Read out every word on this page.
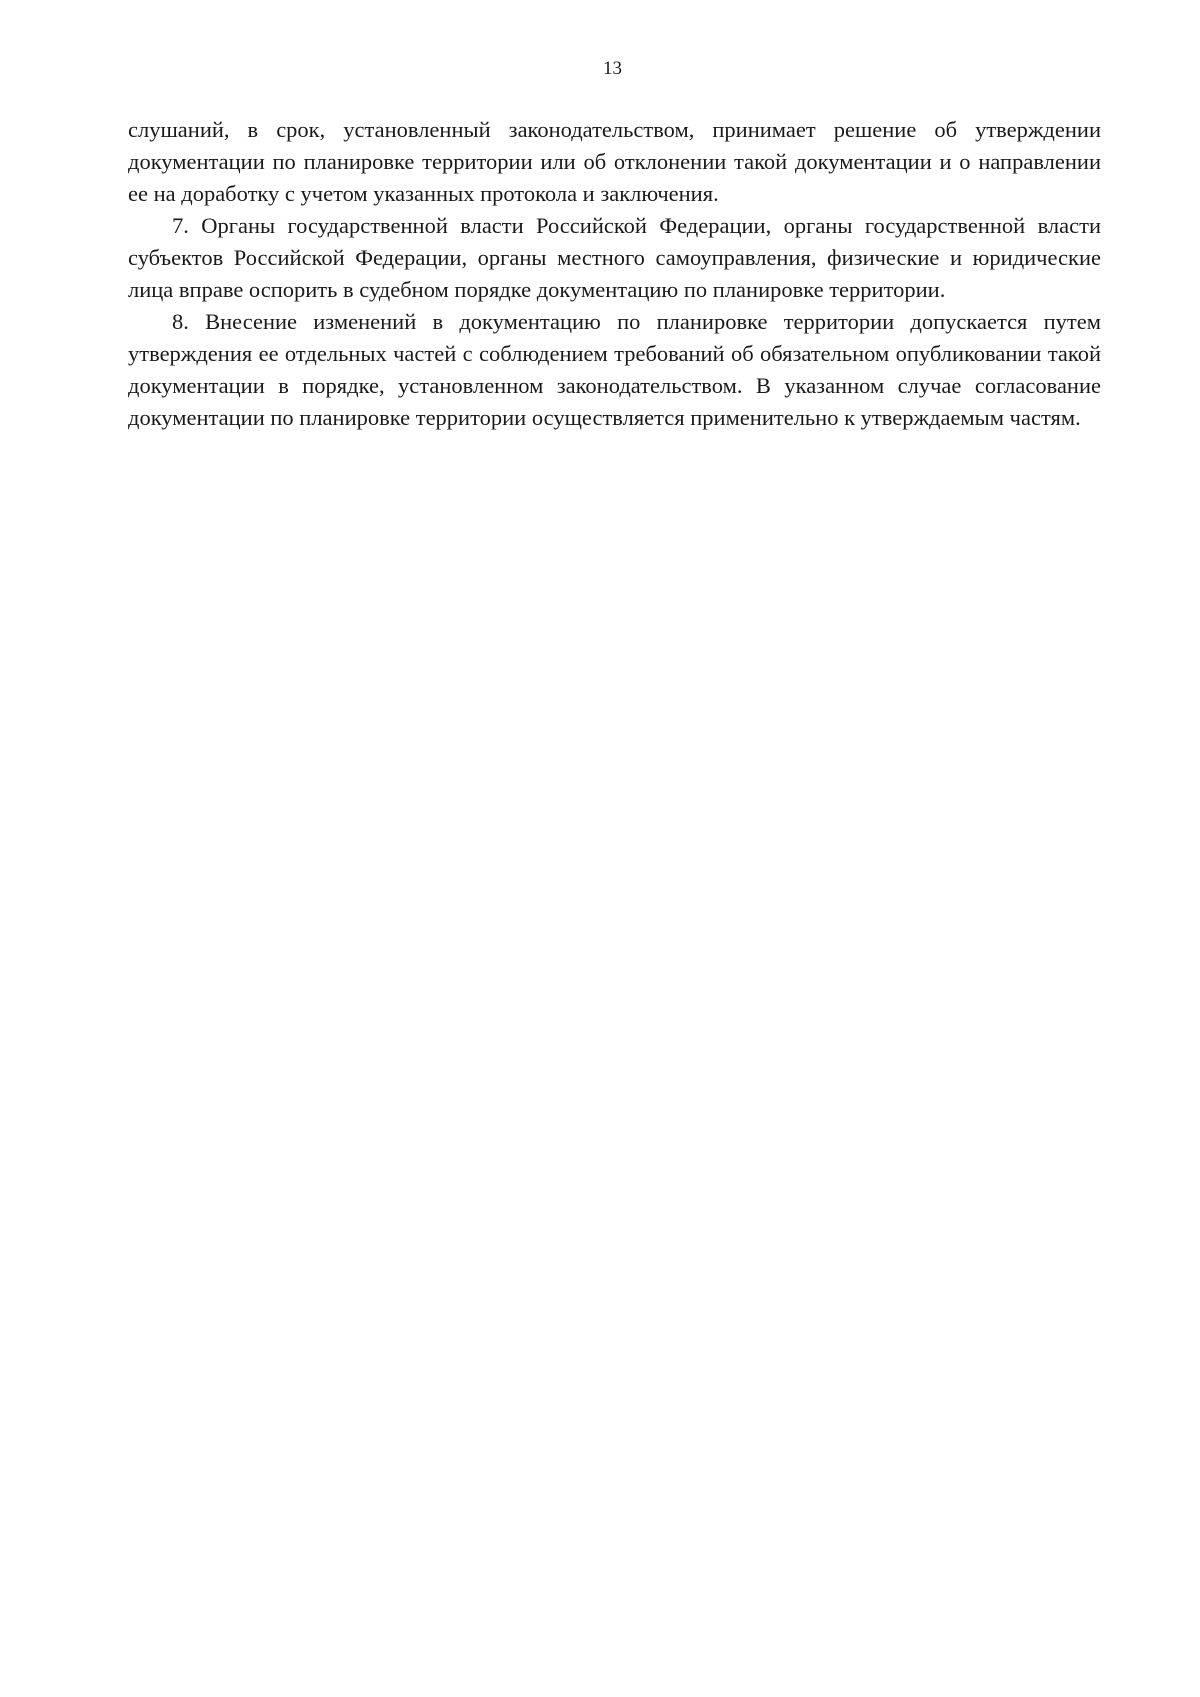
13

слушаний, в срок, установленный законодательством, принимает решение об утверждении документации по планировке территории или об отклонении такой документации и о направлении ее на доработку с учетом указанных протокола и заключения.

7. Органы государственной власти Российской Федерации, органы государственной власти субъектов Российской Федерации, органы местного самоуправления, физические и юридические лица вправе оспорить в судебном порядке документацию по планировке территории.

8. Внесение изменений в документацию по планировке территории допускается путем утверждения ее отдельных частей с соблюдением требований об обязательном опубликовании такой документации в порядке, установленном законодательством. В указанном случае согласование документации по планировке территории осуществляется применительно к утверждаемым частям.
